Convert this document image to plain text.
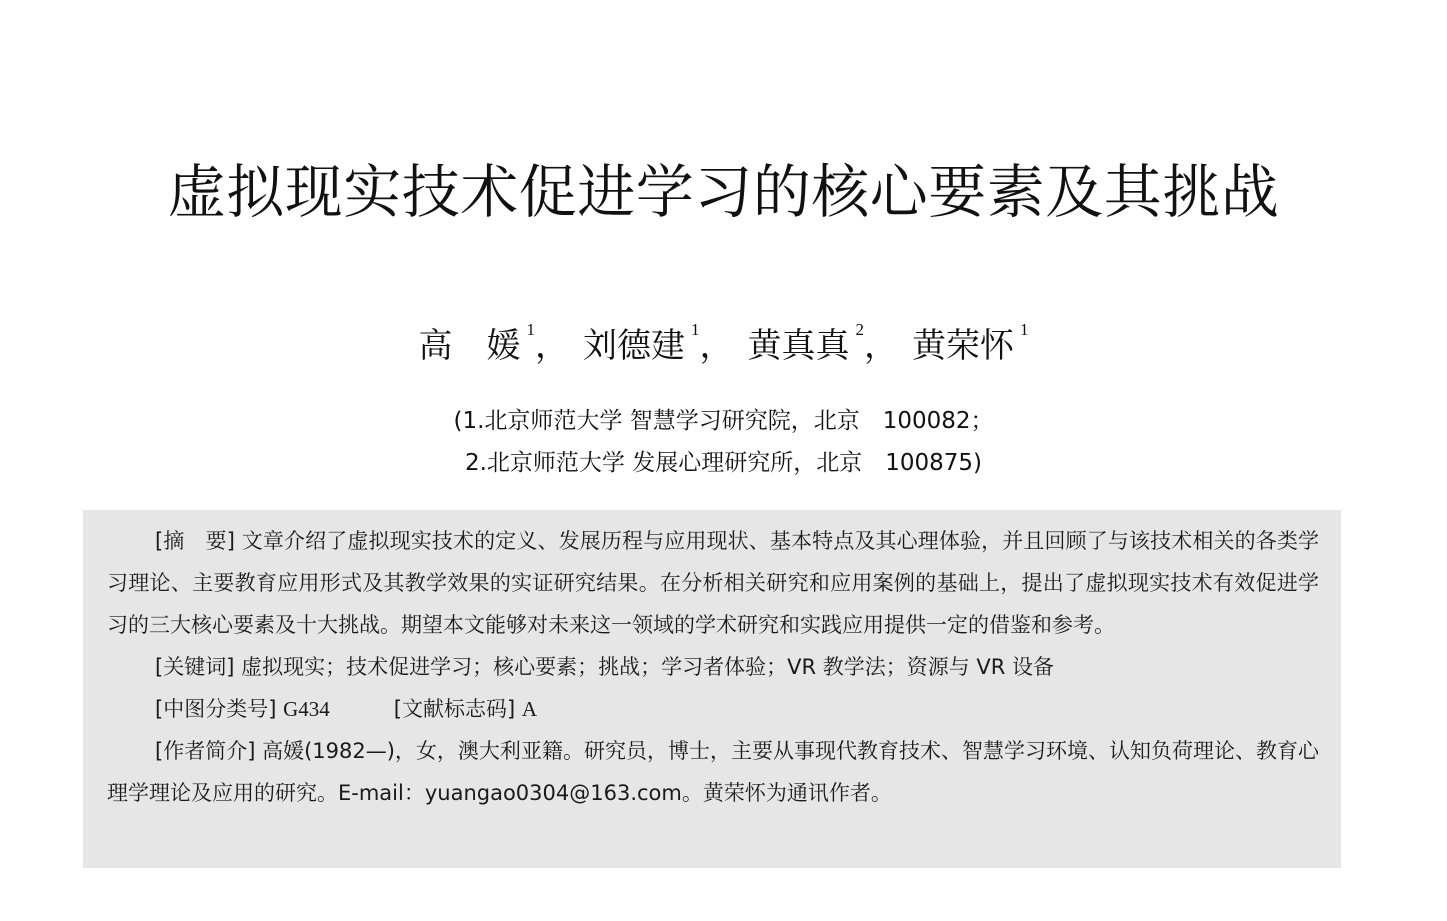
虚拟现实技术促进学习的核心要素及其挑战
高　媛 $^1$， 刘德建 $^1$， 黄真真 $^2$， 黄荣怀 $^1$
(1.北京师范大学 智慧学习研究院，北京　100082；
2.北京师范大学 发展心理研究所，北京　100875)

[摘　要] 文章介绍了虚拟现实技术的定义、发展历程与应用现状、基本特点及其心理体验，并且回顾了与该技术相关的各类学习理论、主要教育应用形式及其教学效果的实证研究结果。在分析相关研究和应用案例的基础上，提出了虚拟现实技术有效促进学习的三大核心要素及十大挑战。期望本文能够对未来这一领域的学术研究和实践应用提供一定的借鉴和参考。

[关键词] 虚拟现实；技术促进学习；核心要素；挑战；学习者体验；VR 教学法；资源与 VR 设备

[中图分类号] G434	[文献标志码] A

[作者简介] 高媛(1982—)，女，澳大利亚籍。研究员，博士，主要从事现代教育技术、智慧学习环境、认知负荷理论、教育心理学理论及应用的研究。E-mail：yuangao0304@163.com。黄荣怀为通讯作者。
